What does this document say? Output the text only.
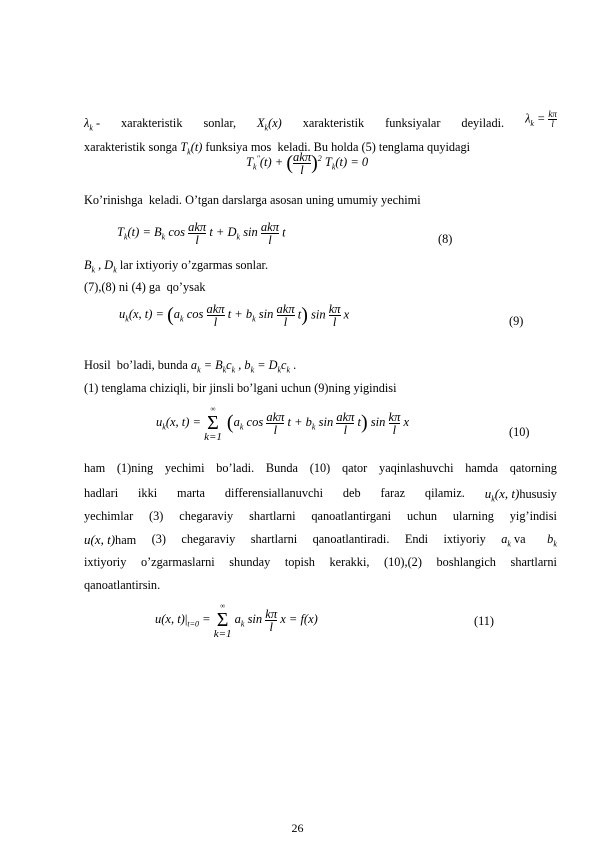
$\lambda_k$ - xarakteristik sonlar, $X_k(x)$ xarakteristik funksiyalar deyiladi. $\lambda_k = \frac{k\pi}{l}$
xarakteristik songa $T_k(t)$ funksiya mos  keladi. Bu holda (5) tenglama quyidagi
$T_k''(t)$ + ( akπ
l )$^2$ $T_k(t) = 0$
Ko’rinishga  keladi. O’tgan darslarga asosan uning umumiy yechimi
$T_k(t) = B_k$ cos akπ
l
$t + D_k$ sin akπ
l
t	(8)
$B_k$ , $D_k$ lar ixtiyoriy o’zgarmas sonlar.
(7),(8) ni (4) ga  qo’ysak
$u_k(x$, $t) = (a_k$ cos akπ
l
$t + b_k$ sin akπ
l
t) $\sin \frac{k\pi}{l}$ x	(9)
Hosil  bo’ladi, bunda $a_k = B_kc_k$ , $b_k = D_kc_k$ .
(1) tenglama chiziqli, bir jinsli bo’lgani uchun (9)ning yigindisi
$u_k(x$, t) =
∞
Σ
k=1
($a_k$ cos akπ
l
$t + b_k$ sin akπ
l
t) $\sin \frac{k\pi}{l}$ x
(10)
ham (1)ning yechimi bo’ladi. Bunda (10) qator yaqinlashuvchi hamda qatorning
hadlari ikki marta differensiallanuvchi deb faraz qilamiz. $u_k(x$, t)hususiy
yechimlar (3) chegaraviy shartlarni qanoatlantirgani uchun ularning yig’indisi
u(x, t)ham (3) chegaraviy shartlarni qanoatlantiradi. Endi ixtiyoriy $a_k$ va $b_k$
ixtiyoriy o’zgarmaslarni shunday topish kerakki, (10),(2) boshlangich shartlarni
qanoatlantirsin.
u(x, $t)|_{t=0}$ =
∞
Σ
k=1
$a_k$ $\sin \frac{k\pi}{l}$ x = f(x)	(11)
26
